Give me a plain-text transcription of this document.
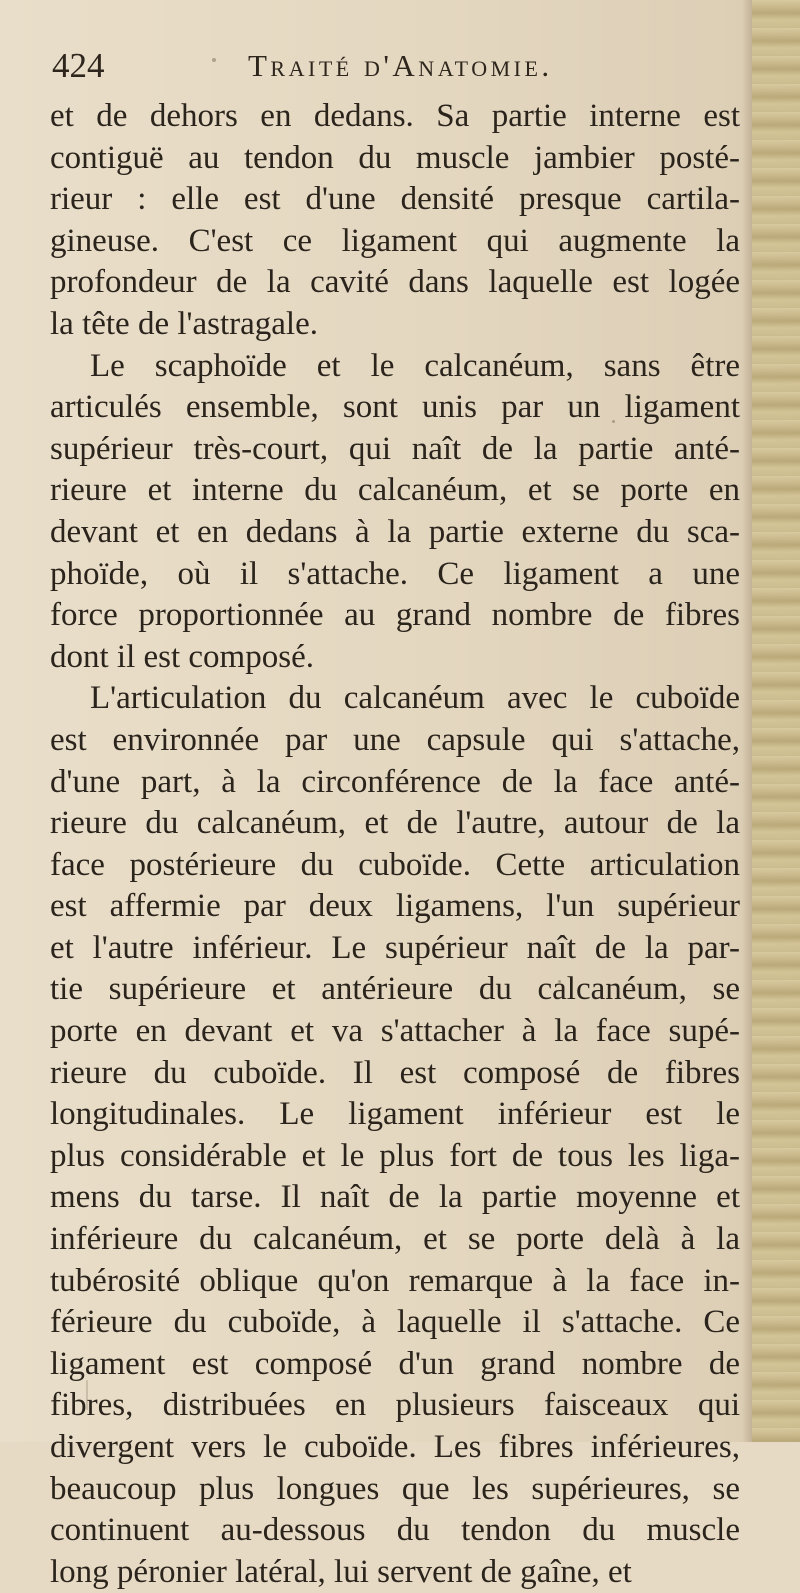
424	Traité d'Anatomie.
et de dehors en dedans. Sa partie interne est
contiguë au tendon du muscle jambier posté-
rieur : elle est d'une densité presque cartila-
gineuse. C'est ce ligament qui augmente la
profondeur de la cavité dans laquelle est logée
la tête de l'astragale.
Le scaphoïde et le calcanéum, sans être
articulés ensemble, sont unis par un ligament
supérieur très-court, qui naît de la partie anté-
rieure et interne du calcanéum, et se porte en
devant et en dedans à la partie externe du sca-
phoïde, où il s'attache. Ce ligament a une
force proportionnée au grand nombre de fibres
dont il est composé.
L'articulation du calcanéum avec le cuboïde
est environnée par une capsule qui s'attache,
d'une part, à la circonférence de la face anté-
rieure du calcanéum, et de l'autre, autour de la
face postérieure du cuboïde. Cette articulation
est affermie par deux ligamens, l'un supérieur
et l'autre inférieur. Le supérieur naît de la par-
tie supérieure et antérieure du calcanéum, se
porte en devant et va s'attacher à la face supé-
rieure du cuboïde. Il est composé de fibres
longitudinales. Le ligament inférieur est le
plus considérable et le plus fort de tous les liga-
mens du tarse. Il naît de la partie moyenne et
inférieure du calcanéum, et se porte delà à la
tubérosité oblique qu'on remarque à la face in-
férieure du cuboïde, à laquelle il s'attache. Ce
ligament est composé d'un grand nombre de
fibres, distribuées en plusieurs faisceaux qui
divergent vers le cuboïde. Les fibres inférieures,
beaucoup plus longues que les supérieures, se
continuent au-dessous du tendon du muscle
long péronier latéral, lui servent de gaîne, et
